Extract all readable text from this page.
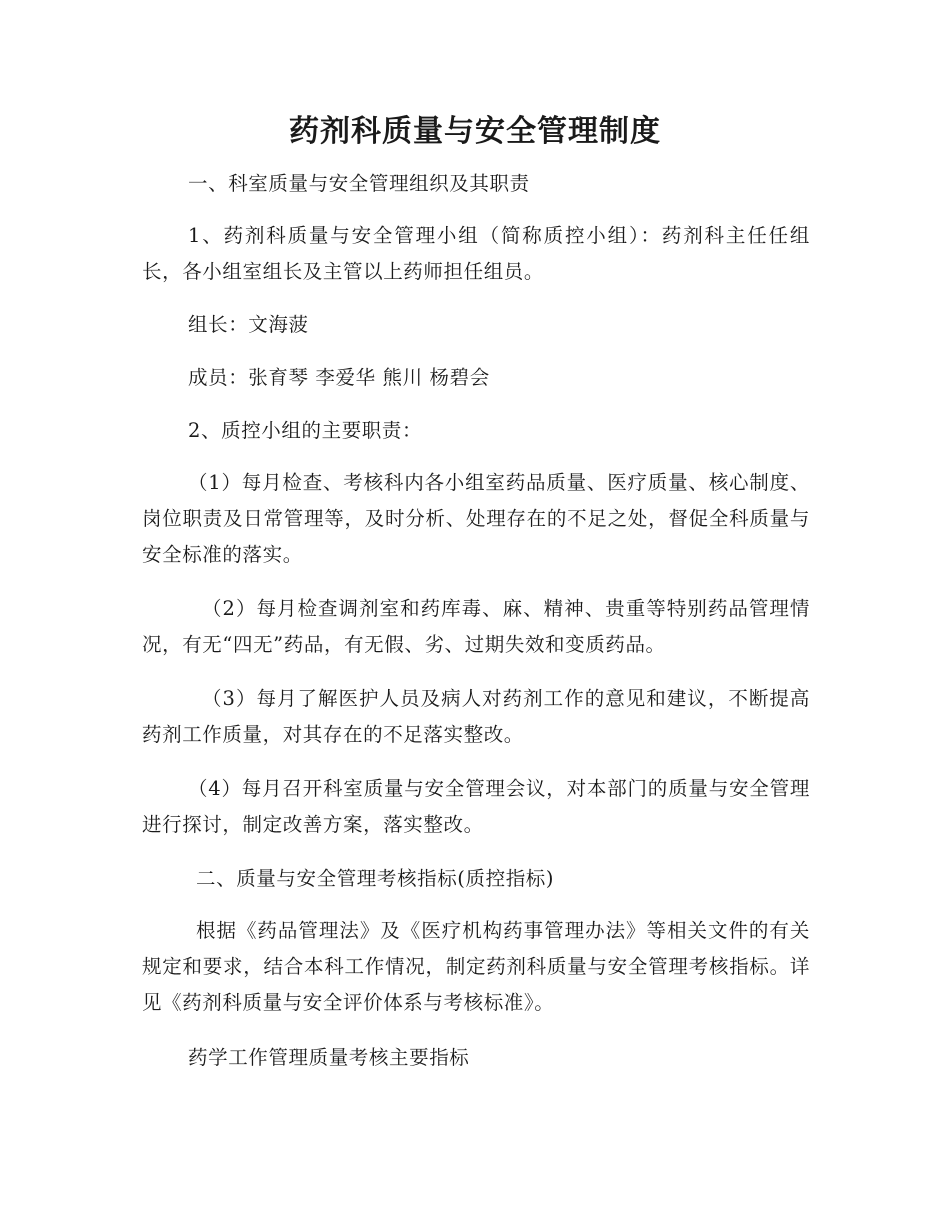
药剂科质量与安全管理制度
一、科室质量与安全管理组织及其职责
1、药剂科质量与安全管理小组（简称质控小组）：药剂科主任任组长，各小组室组长及主管以上药师担任组员。
组长：文海菠
成员：张育琴 李爱华 熊川 杨碧会
2、质控小组的主要职责：
（1）每月检查、考核科内各小组室药品质量、医疗质量、核心制度、岗位职责及日常管理等，及时分析、处理存在的不足之处，督促全科质量与安全标准的落实。
（2）每月检查调剂室和药库毒、麻、精神、贵重等特别药品管理情况，有无“四无”药品，有无假、劣、过期失效和变质药品。
（3）每月了解医护人员及病人对药剂工作的意见和建议，不断提高药剂工作质量，对其存在的不足落实整改。
（4）每月召开科室质量与安全管理会议，对本部门的质量与安全管理进行探讨，制定改善方案，落实整改。
二、质量与安全管理考核指标(质控指标)
根据《药品管理法》及《医疗机构药事管理办法》等相关文件的有关规定和要求，结合本科工作情况，制定药剂科质量与安全管理考核指标。详见《药剂科质量与安全评价体系与考核标准》。
药学工作管理质量考核主要指标
